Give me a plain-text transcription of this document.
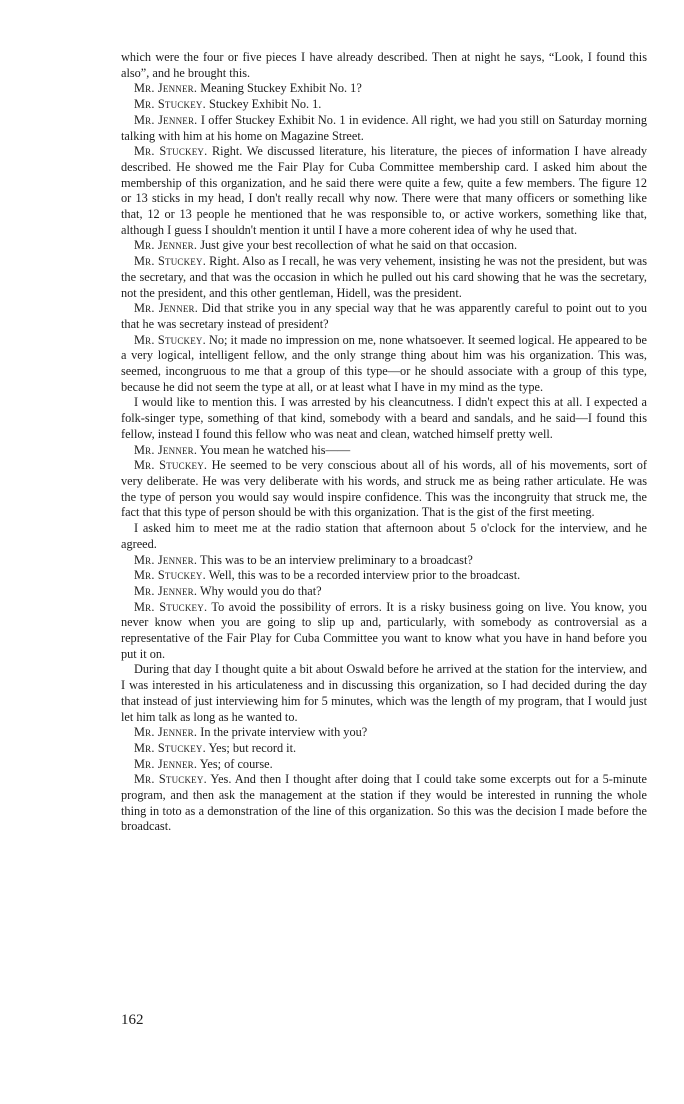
which were the four or five pieces I have already described. Then at night he says, “Look, I found this also”, and he brought this.

Mr. Jenner. Meaning Stuckey Exhibit No. 1?

Mr. Stuckey. Stuckey Exhibit No. 1.

Mr. Jenner. I offer Stuckey Exhibit No. 1 in evidence. All right, we had you still on Saturday morning talking with him at his home on Magazine Street.

Mr. Stuckey. Right. We discussed literature, his literature, the pieces of information I have already described. He showed me the Fair Play for Cuba Committee membership card. I asked him about the membership of this organization, and he said there were quite a few, quite a few members. The figure 12 or 13 sticks in my head, I don't really recall why now. There were that many officers or something like that, 12 or 13 people he mentioned that he was responsible to, or active workers, something like that, although I guess I shouldn't mention it until I have a more coherent idea of why he used that.

Mr. Jenner. Just give your best recollection of what he said on that occasion.

Mr. Stuckey. Right. Also as I recall, he was very vehement, insisting he was not the president, but was the secretary, and that was the occasion in which he pulled out his card showing that he was the secretary, not the president, and this other gentleman, Hidell, was the president.

Mr. Jenner. Did that strike you in any special way that he was apparently careful to point out to you that he was secretary instead of president?

Mr. Stuckey. No; it made no impression on me, none whatsoever. It seemed logical. He appeared to be a very logical, intelligent fellow, and the only strange thing about him was his organization. This was, seemed, incongruous to me that a group of this type—or he should associate with a group of this type, because he did not seem the type at all, or at least what I have in my mind as the type.

I would like to mention this. I was arrested by his cleancutness. I didn't expect this at all. I expected a folk-singer type, something of that kind, somebody with a beard and sandals, and he said—I found this fellow, instead I found this fellow who was neat and clean, watched himself pretty well.

Mr. Jenner. You mean he watched his——

Mr. Stuckey. He seemed to be very conscious about all of his words, all of his movements, sort of very deliberate. He was very deliberate with his words, and struck me as being rather articulate. He was the type of person you would say would inspire confidence. This was the incongruity that struck me, the fact that this type of person should be with this organization. That is the gist of the first meeting.

I asked him to meet me at the radio station that afternoon about 5 o'clock for the interview, and he agreed.

Mr. Jenner. This was to be an interview preliminary to a broadcast?

Mr. Stuckey. Well, this was to be a recorded interview prior to the broadcast.

Mr. Jenner. Why would you do that?

Mr. Stuckey. To avoid the possibility of errors. It is a risky business going on live. You know, you never know when you are going to slip up and, particularly, with somebody as controversial as a representative of the Fair Play for Cuba Committee you want to know what you have in hand before you put it on.

During that day I thought quite a bit about Oswald before he arrived at the station for the interview, and I was interested in his articulateness and in discussing this organization, so I had decided during the day that instead of just interviewing him for 5 minutes, which was the length of my program, that I would just let him talk as long as he wanted to.

Mr. Jenner. In the private interview with you?

Mr. Stuckey. Yes; but record it.

Mr. Jenner. Yes; of course.

Mr. Stuckey. Yes. And then I thought after doing that I could take some excerpts out for a 5-minute program, and then ask the management at the station if they would be interested in running the whole thing in toto as a demonstration of the line of this organization. So this was the decision I made before the broadcast.

162
